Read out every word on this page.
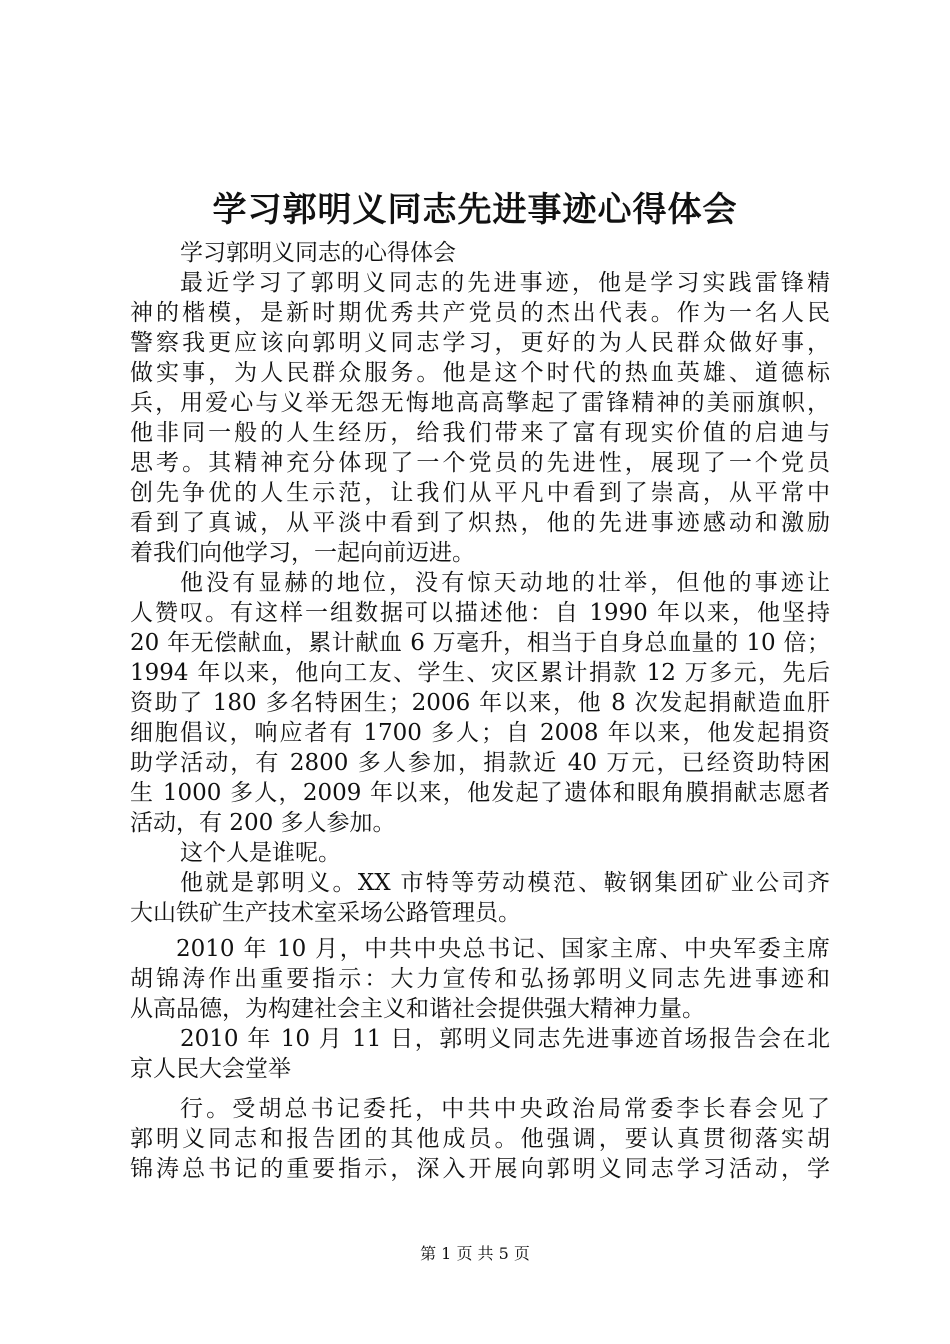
学习郭明义同志先进事迹心得体会
学习郭明义同志的心得体会
最近学习了郭明义同志的先进事迹，他是学习实践雷锋精
神的楷模，是新时期优秀共产党员的杰出代表。作为一名人民
警察我更应该向郭明义同志学习，更好的为人民群众做好事，
做实事，为人民群众服务。他是这个时代的热血英雄、道德标
兵，用爱心与义举无怨无悔地高高擎起了雷锋精神的美丽旗帜，
他非同一般的人生经历，给我们带来了富有现实价值的启迪与
思考。其精神充分体现了一个党员的先进性，展现了一个党员
创先争优的人生示范，让我们从平凡中看到了崇高，从平常中
看到了真诚，从平淡中看到了炽热，他的先进事迹感动和激励
着我们向他学习，一起向前迈进。
他没有显赫的地位，没有惊天动地的壮举，但他的事迹让
人赞叹。有这样一组数据可以描述他：自 1990 年以来，他坚持
20 年无偿献血，累计献血 6 万毫升，相当于自身总血量的 10 倍；
1994 年以来，他向工友、学生、灾区累计捐款 12 万多元，先后
资助了 180 多名特困生；2006 年以来，他 8 次发起捐献造血肝
细胞倡议，响应者有 1700 多人；自 2008 年以来，他发起捐资
助学活动，有 2800 多人参加，捐款近 40 万元，已经资助特困
生 1000 多人，2009 年以来，他发起了遗体和眼角膜捐献志愿者
活动，有 200 多人参加。
这个人是谁呢。
他就是郭明义。XX 市特等劳动模范、鞍钢集团矿业公司齐
大山铁矿生产技术室采场公路管理员。
2010 年 10 月，中共中央总书记、国家主席、中央军委主席
胡锦涛作出重要指示：大力宣传和弘扬郭明义同志先进事迹和
从高品德，为构建社会主义和谐社会提供强大精神力量。
2010 年 10 月 11 日，郭明义同志先进事迹首场报告会在北
京人民大会堂举
行。受胡总书记委托，中共中央政治局常委李长春会见了
郭明义同志和报告团的其他成员。他强调，要认真贯彻落实胡
锦涛总书记的重要指示，深入开展向郭明义同志学习活动，学
第 1 页 共 5 页
